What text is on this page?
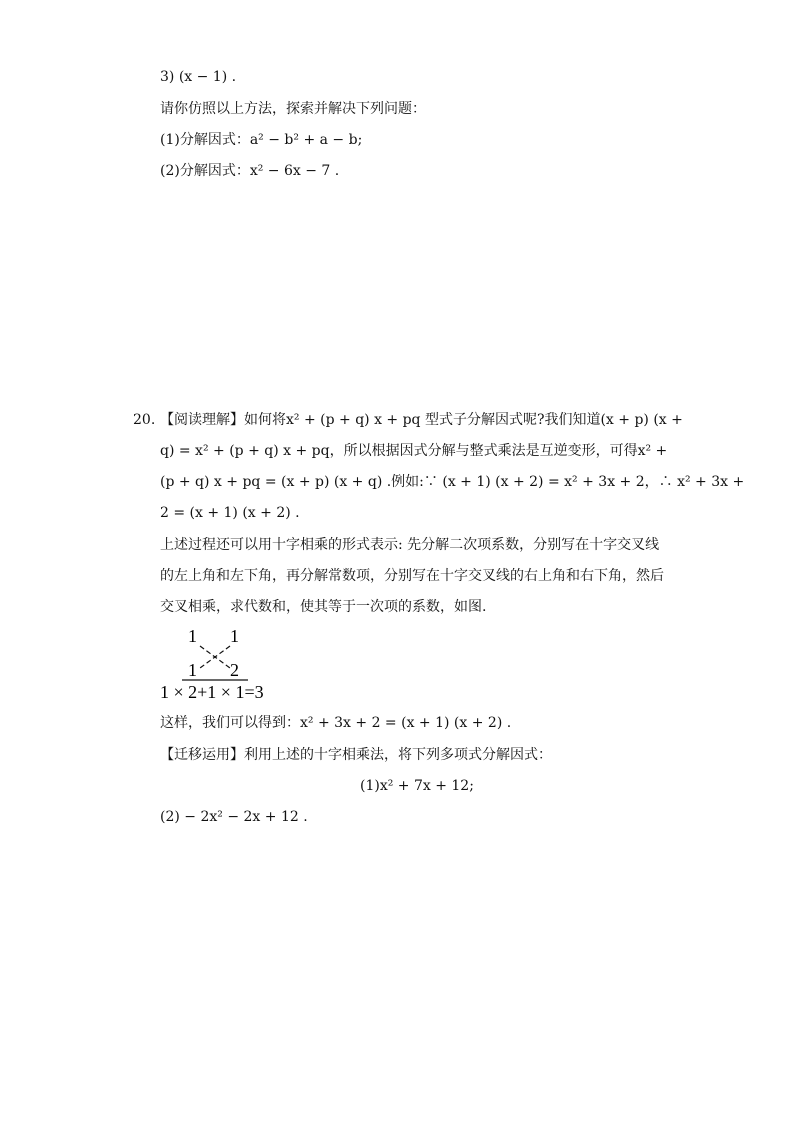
3) (x − 1) .
请你仿照以上方法，探索并解决下列问题：
(1)分解因式：a² − b² + a − b;
(2)分解因式：x² − 6x − 7 .
20. 【阅读理解】如何将x² + (p + q) x + pq 型式子分解因式呢?我们知道(x + p) (x +
q) = x² + (p + q) x + pq，所以根据因式分解与整式乘法是互逆变形，可得x² +
(p + q) x + pq = (x + p) (x + q) .例如:∵ (x + 1) (x + 2) = x² + 3x + 2，∴ x² + 3x +
2 = (x + 1) (x + 2) .
上述过程还可以用十字相乘的形式表示: 先分解二次项系数，分别写在十字交叉线
的左上角和左下角，再分解常数项，分别写在十字交叉线的右上角和右下角，然后
交叉相乘，求代数和，使其等于一次项的系数，如图.
1 1
1 2
1 × 2+1 × 1=3
这样，我们可以得到：x² + 3x + 2 = (x + 1) (x + 2) .
【迁移运用】利用上述的十字相乘法，将下列多项式分解因式：
(1)x² + 7x + 12;
(2) − 2x² − 2x + 12 .
